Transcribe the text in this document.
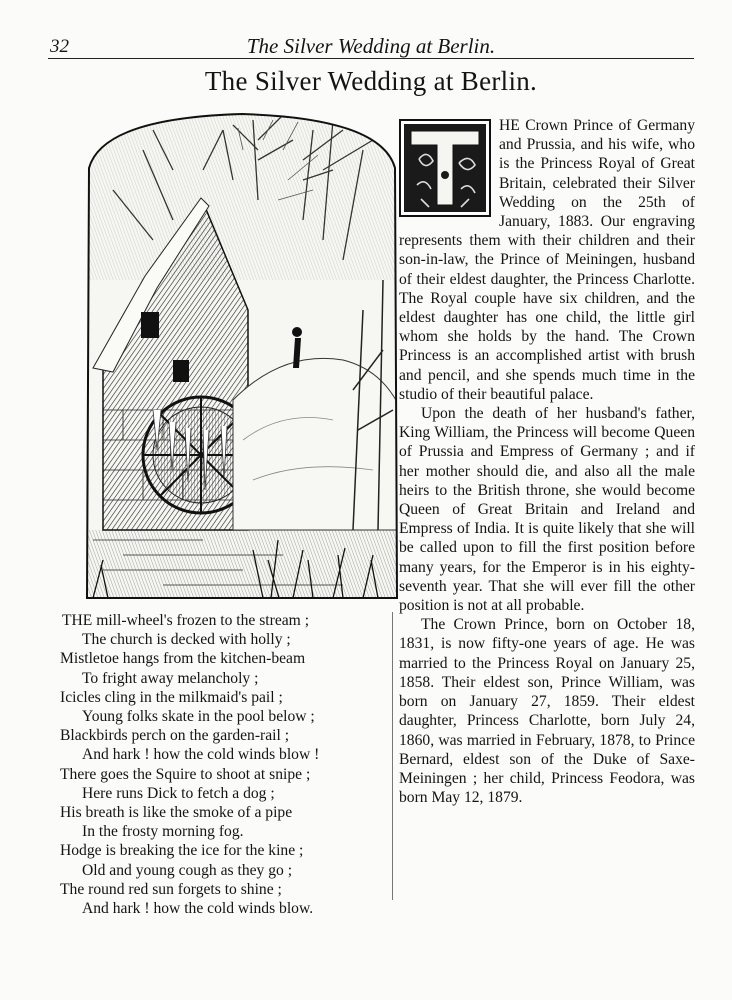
32	The Silver Wedding at Berlin.
The Silver Wedding at Berlin.
THE mill-wheel's frozen to the stream ;
The church is decked with holly ;
Mistletoe hangs from the kitchen-beam
To fright away melancholy ;
Icicles cling in the milkmaid's pail ;
Young folks skate in the pool below ;
Blackbirds perch on the garden-rail ;
And hark ! how the cold winds blow !
There goes the Squire to shoot at snipe ;
Here runs Dick to fetch a dog ;
His breath is like the smoke of a pipe
In the frosty morning fog.
Hodge is breaking the ice for the kine ;
Old and young cough as they go ;
The round red sun forgets to shine ;
And hark ! how the cold winds blow.

HE Crown Prince of Germany and Prussia, and his wife, who is the Princess Royal of Great Britain, celebrated their Silver Wedding on the 25th of January, 1883. Our engraving represents them with their children and their son-in-law, the Prince of Meiningen, husband of their eldest daughter, the Princess Charlotte. The Royal couple have six children, and the eldest daughter has one child, the little girl whom she holds by the hand. The Crown Princess is an accomplished artist with brush and pencil, and she spends much time in the studio of their beautiful palace.

Upon the death of her husband's father, King William, the Princess will become Queen of Prussia and Empress of Germany ; and if her mother should die, and also all the male heirs to the British throne, she would become Queen of Great Britain and Ireland and Empress of India. It is quite likely that she will be called upon to fill the first position before many years, for the Emperor is in his eighty-seventh year. That she will ever fill the other position is not at all probable.

The Crown Prince, born on October 18, 1831, is now fifty-one years of age. He was married to the Princess Royal on January 25, 1858. Their eldest son, Prince William, was born on January 27, 1859. Their eldest daughter, Princess Charlotte, born July 24, 1860, was married in February, 1878, to Prince Bernard, eldest son of the Duke of Saxe-Meiningen ; her child, Princess Feodora, was born May 12, 1879.
